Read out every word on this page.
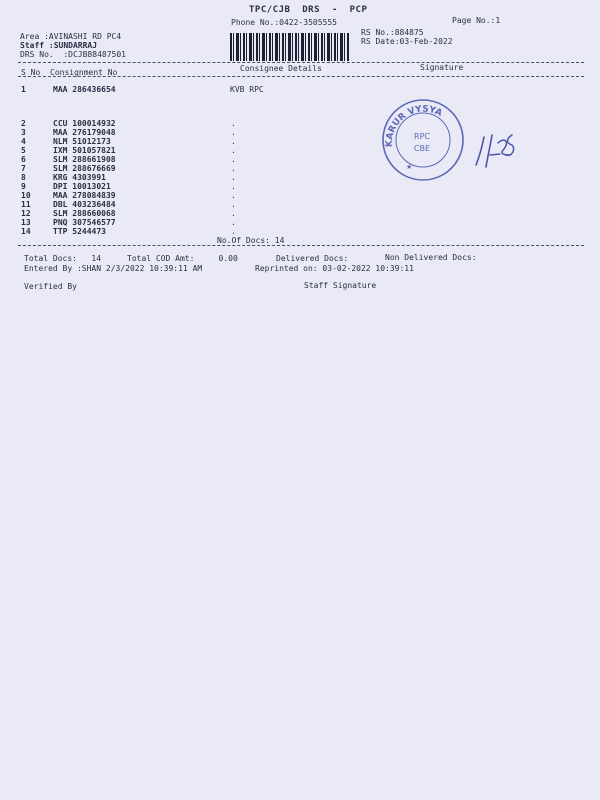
TPC/CJB  DRS  -  PCP
Phone No.:0422-3505555	Page No.:1
Area :AVINASHI RD PC4
Staff :SUNDARRAJ
DRS No.  :DCJB88487501
RS No.:884875
RS Date:03-Feb-2022
S No Consignment No	Consignee Details	Signature
1	MAA 286436654	KVB RPC
2	CCU 100014932	.
3	MAA 276179048	.
4	NLM 51012173	.
5	IXM 501057821	.
6	SLM 288661908	.
7	SLM 288676669	.
8	KRG 4303991	.
9	DPI 10013021	.
10	MAA 278084839	.
11	DBL 403236484	.
12	SLM 288660068	.
13	PNQ 307546577	.
14	TTP 5244473	.
No.Of Docs: 14
Total Docs:   14	Total COD Amt:     0.00	Delivered Docs:	Non Delivered Docs:
Entered By :SHAN 2/3/2022 10:39:11 AM	Reprinted on: 03-02-2022 10:39:11
Verified By	Staff Signature
KARUR VYSYA
RPC
CBE
★
